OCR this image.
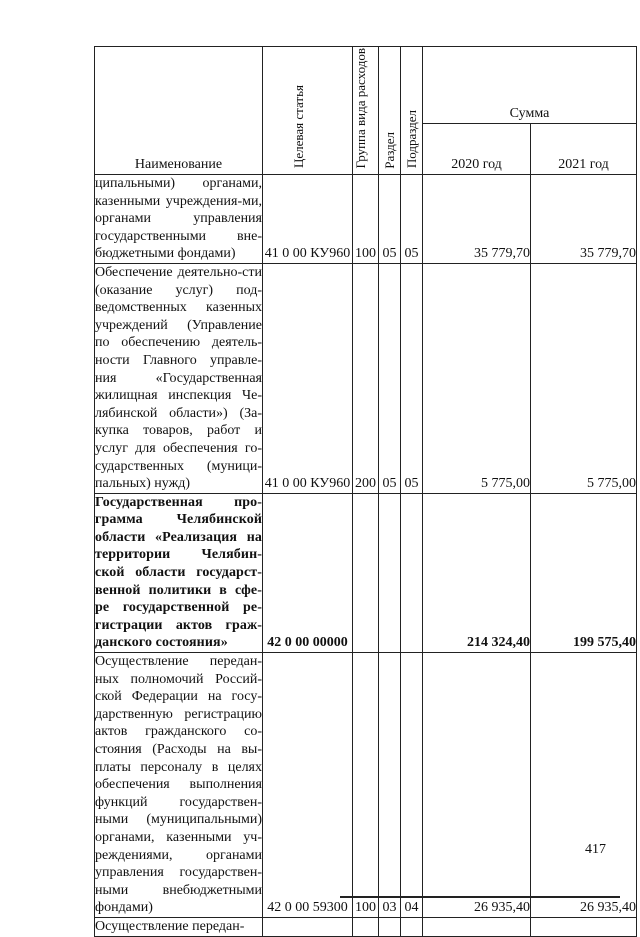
Наименование	Целевая статья	Группа вида расходов	Раздел	Подраздел	Сумма	
					2020 год	2021 год

ципальными) органами, казенными учреждения-ми, органами управления государственными вне-бюджетными фондами)	41 0 00 КУ960	100	05	05	35 779,70	35 779,70

Обеспечение деятельно-сти (оказание услуг) под-ведомственных казенных учреждений (Управление по обеспечению деятель-ности Главного управле-ния «Государственная жилищная инспекция Че-лябинской области») (За-купка товаров, работ и услуг для обеспечения го-сударственных (муници-пальных) нужд)	41 0 00 КУ960	200	05	05	5 775,00	5 775,00

Государственная про-грамма Челябинской области «Реализация на территории Челябин-ской области государст-венной политики в сфе-ре государственной ре-гистрации актов граж-данского состояния»	42 0 00 00000				214 324,40	199 575,40

Осуществление передан-ных полномочий Россий-ской Федерации на госу-дарственную регистрацию актов гражданского со-стояния (Расходы на вы-платы персоналу в целях обеспечения выполнения функций государствен-ными (муниципальными) органами, казенными уч-реждениями, органами управления государствен-ными внебюджетными фондами)	42 0 00 59300	100	03	04	26 935,40	26 935,40

Осуществление передан-						

417
